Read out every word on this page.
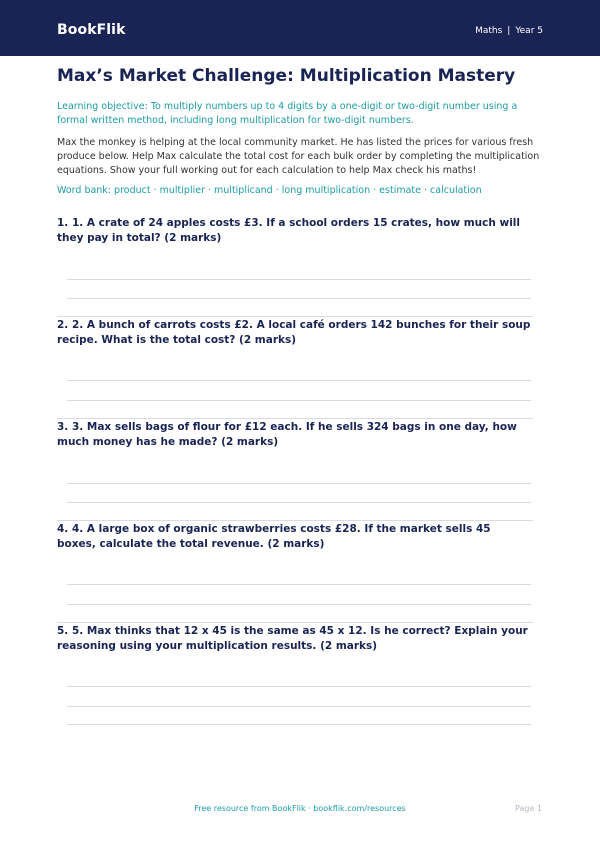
BookFlik	Maths | Year 5
Max’s Market Challenge: Multiplication Mastery
Learning objective: To multiply numbers up to 4 digits by a one-digit or two-digit number using a formal written method, including long multiplication for two-digit numbers.
Max the monkey is helping at the local community market. He has listed the prices for various fresh produce below. Help Max calculate the total cost for each bulk order by completing the multiplication equations. Show your full working out for each calculation to help Max check his maths!
Word bank: product · multiplier · multiplicand · long multiplication · estimate · calculation
1. 1. A crate of 24 apples costs £3. If a school orders 15 crates, how much will they pay in total? (2 marks)
2. 2. A bunch of carrots costs £2. A local café orders 142 bunches for their soup recipe. What is the total cost? (2 marks)
3. 3. Max sells bags of flour for £12 each. If he sells 324 bags in one day, how much money has he made? (2 marks)
4. 4. A large box of organic strawberries costs £28. If the market sells 45 boxes, calculate the total revenue. (2 marks)
5. 5. Max thinks that 12 x 45 is the same as 45 x 12. Is he correct? Explain your reasoning using your multiplication results. (2 marks)
Free resource from BookFlik · bookflik.com/resources	Page 1
